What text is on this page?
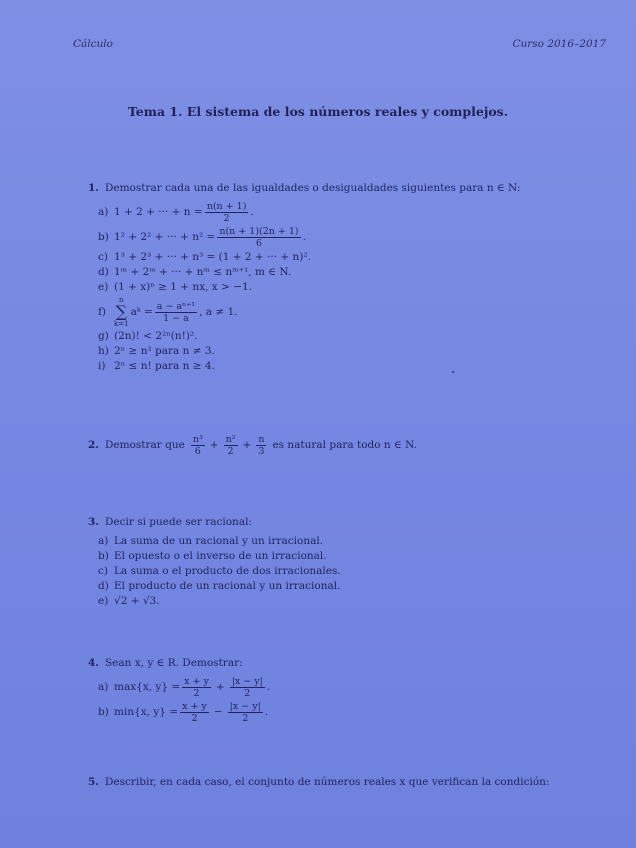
Cálculo	Curso 2016–2017
Tema 1. El sistema de los números reales y complejos.
1. Demostrar cada una de las igualdades o desigualdades siguientes para n ∈ N:
a) 1 + 2 + ··· + $n = \frac{n(n + 1)}{2}$ .
b) 1² + 2² + ··· + $n^2 = \frac{n(n + 1)(2n + 1)}{6}$ .
c) 1³ + 2³ + ··· + n³ = (1 + 2 + ··· + n)².
d) 1ᵐ + 2ᵐ + ··· + nᵐ ≤ nᵐ⁺¹, m ∈ N.
e) (1 + x)ⁿ ≥ 1 + nx, x > −1.
f)
n
∑
k=1
aᵏ = $\frac{\text{a − aⁿ⁺¹}}{1 - a}$ , a ≠ 1.
g) (2n)! < 2²ⁿ(n!)².
h) 2ⁿ ≥ n² para n ≠ 3.
i) 2ⁿ ≤ n! para n ≥ 4.
2. Demostrar que $\frac{\text{n³}}{6} + \frac{\text{n²}}{2} + \frac{n}{3}$ es natural para todo n ∈ N.
3. Decir si puede ser racional:
a) La suma de un racional y un irracional.
b) El opuesto o el inverso de un irracional.
c) La suma o el producto de dos irracionales.
d) El producto de un racional y un irracional.
e) √2 + √3.
4. Sean x, y ∈ R. Demostrar:
a) max{x, $y\} = \frac{x + y}{2} + \frac{|x - y|}{2}$ .
b) min{x, $y\} = \frac{x + y}{2} - \frac{|x - y|}{2}$ .
5. Describir, en cada caso, el conjunto de números reales x que verifican la condición:
